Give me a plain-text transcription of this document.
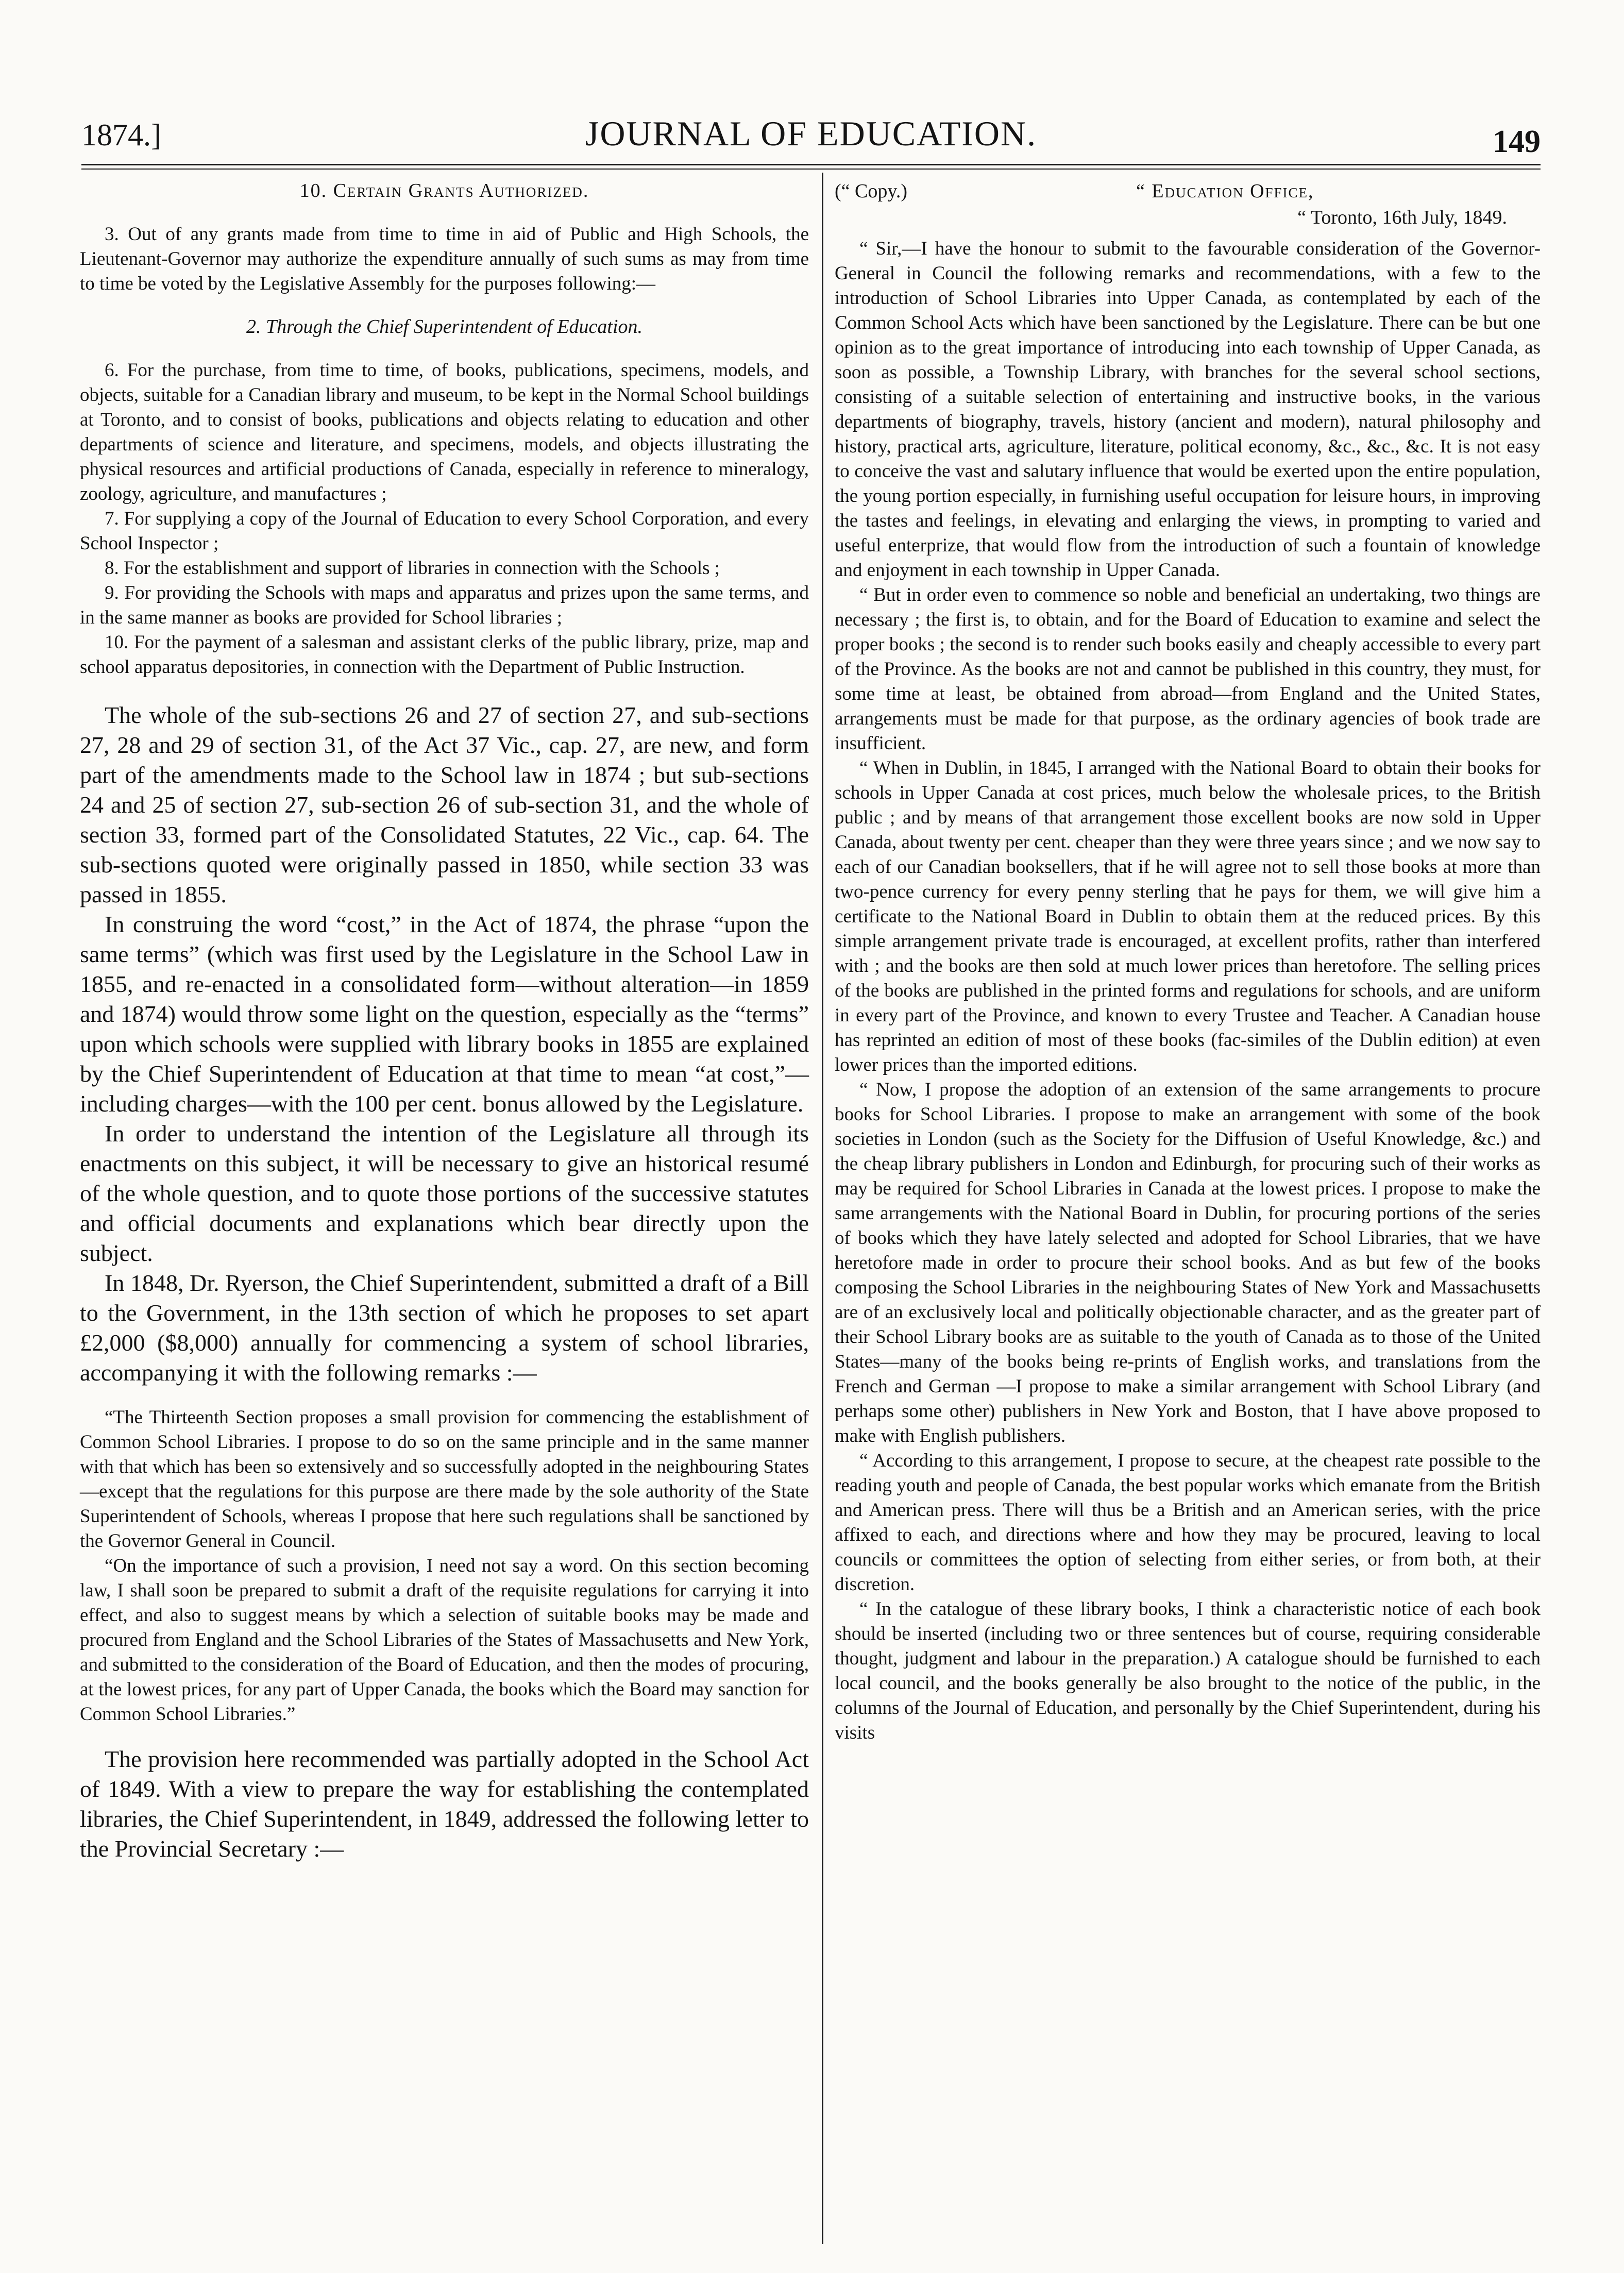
1874.]	JOURNAL OF EDUCATION.	149
10. Certain Grants Authorized.

3. Out of any grants made from time to time in aid of Public and High Schools, the Lieutenant-Governor may authorize the expenditure annually of such sums as may from time to time be voted by the Legislative Assembly for the purposes following:—

2. Through the Chief Superintendent of Education.

6. For the purchase, from time to time, of books, publications, specimens, models, and objects, suitable for a Canadian library and museum, to be kept in the Normal School buildings at Toronto, and to consist of books, publications and objects relating to education and other departments of science and literature, and specimens, models, and objects illustrating the physical resources and artificial productions of Canada, especially in reference to mineralogy, zoology, agriculture, and manufactures ;

7. For supplying a copy of the Journal of Education to every School Corporation, and every School Inspector ;

8. For the establishment and support of libraries in connection with the Schools ;

9. For providing the Schools with maps and apparatus and prizes upon the same terms, and in the same manner as books are provided for School libraries ;

10. For the payment of a salesman and assistant clerks of the public library, prize, map and school apparatus depositories, in connection with the Department of Public Instruction.

The whole of the sub-sections 26 and 27 of section 27, and sub-sections 27, 28 and 29 of section 31, of the Act 37 Vic., cap. 27, are new, and form part of the amendments made to the School law in 1874 ; but sub-sections 24 and 25 of section 27, sub-section 26 of sub-section 31, and the whole of section 33, formed part of the Consolidated Statutes, 22 Vic., cap. 64. The sub-sections quoted were originally passed in 1850, while section 33 was passed in 1855.

In construing the word “cost,” in the Act of 1874, the phrase “upon the same terms” (which was first used by the Legislature in the School Law in 1855, and re-enacted in a consolidated form—without alteration—in 1859 and 1874) would throw some light on the question, especially as the “terms” upon which schools were supplied with library books in 1855 are explained by the Chief Superintendent of Education at that time to mean “at cost,”—including charges—with the 100 per cent. bonus allowed by the Legislature.

In order to understand the intention of the Legislature all through its enactments on this subject, it will be necessary to give an historical resumé of the whole question, and to quote those portions of the successive statutes and official documents and explanations which bear directly upon the subject.

In 1848, Dr. Ryerson, the Chief Superintendent, submitted a draft of a Bill to the Government, in the 13th section of which he proposes to set apart £2,000 ($8,000) annually for commencing a system of school libraries, accompanying it with the following remarks :—

“The Thirteenth Section proposes a small provision for commencing the establishment of Common School Libraries. I propose to do so on the same principle and in the same manner with that which has been so extensively and so successfully adopted in the neighbouring States—except that the regulations for this purpose are there made by the sole authority of the State Superintendent of Schools, whereas I propose that here such regulations shall be sanctioned by the Governor General in Council.

“On the importance of such a provision, I need not say a word. On this section becoming law, I shall soon be prepared to submit a draft of the requisite regulations for carrying it into effect, and also to suggest means by which a selection of suitable books may be made and procured from England and the School Libraries of the States of Massachusetts and New York, and submitted to the consideration of the Board of Education, and then the modes of procuring, at the lowest prices, for any part of Upper Canada, the books which the Board may sanction for Common School Libraries.”

The provision here recommended was partially adopted in the School Act of 1849. With a view to prepare the way for establishing the contemplated libraries, the Chief Superintendent, in 1849, addressed the following letter to the Provincial Secretary :—

(“ Copy.)	“ Education Office,
“ Toronto, 16th July, 1849.

“ Sir,—I have the honour to submit to the favourable consideration of the Governor-General in Council the following remarks and recommendations, with a few to the introduction of School Libraries into Upper Canada, as contemplated by each of the Common School Acts which have been sanctioned by the Legislature. There can be but one opinion as to the great importance of introducing into each township of Upper Canada, as soon as possible, a Township Library, with branches for the several school sections, consisting of a suitable selection of entertaining and instructive books, in the various departments of biography, travels, history (ancient and modern), natural philosophy and history, practical arts, agriculture, literature, political economy, &c., &c., &c. It is not easy to conceive the vast and salutary influence that would be exerted upon the entire population, the young portion especially, in furnishing useful occupation for leisure hours, in improving the tastes and feelings, in elevating and enlarging the views, in prompting to varied and useful enterprize, that would flow from the introduction of such a fountain of knowledge and enjoyment in each township in Upper Canada.

“ But in order even to commence so noble and beneficial an undertaking, two things are necessary ; the first is, to obtain, and for the Board of Education to examine and select the proper books ; the second is to render such books easily and cheaply accessible to every part of the Province. As the books are not and cannot be published in this country, they must, for some time at least, be obtained from abroad—from England and the United States, arrangements must be made for that purpose, as the ordinary agencies of book trade are insufficient.

“ When in Dublin, in 1845, I arranged with the National Board to obtain their books for schools in Upper Canada at cost prices, much below the wholesale prices, to the British public ; and by means of that arrangement those excellent books are now sold in Upper Canada, about twenty per cent. cheaper than they were three years since ; and we now say to each of our Canadian booksellers, that if he will agree not to sell those books at more than two-pence currency for every penny sterling that he pays for them, we will give him a certificate to the National Board in Dublin to obtain them at the reduced prices. By this simple arrangement private trade is encouraged, at excellent profits, rather than interfered with ; and the books are then sold at much lower prices than heretofore. The selling prices of the books are published in the printed forms and regulations for schools, and are uniform in every part of the Province, and known to every Trustee and Teacher. A Canadian house has reprinted an edition of most of these books (fac-similes of the Dublin edition) at even lower prices than the imported editions.

“ Now, I propose the adoption of an extension of the same arrangements to procure books for School Libraries. I propose to make an arrangement with some of the book societies in London (such as the Society for the Diffusion of Useful Knowledge, &c.) and the cheap library publishers in London and Edinburgh, for procuring such of their works as may be required for School Libraries in Canada at the lowest prices. I propose to make the same arrangements with the National Board in Dublin, for procuring portions of the series of books which they have lately selected and adopted for School Libraries, that we have heretofore made in order to procure their school books. And as but few of the books composing the School Libraries in the neighbouring States of New York and Massachusetts are of an exclusively local and politically objectionable character, and as the greater part of their School Library books are as suitable to the youth of Canada as to those of the United States—many of the books being re-prints of English works, and translations from the French and German —I propose to make a similar arrangement with School Library (and perhaps some other) publishers in New York and Boston, that I have above proposed to make with English publishers.

“ According to this arrangement, I propose to secure, at the cheapest rate possible to the reading youth and people of Canada, the best popular works which emanate from the British and American press. There will thus be a British and an American series, with the price affixed to each, and directions where and how they may be procured, leaving to local councils or committees the option of selecting from either series, or from both, at their discretion.

“ In the catalogue of these library books, I think a characteristic notice of each book should be inserted (including two or three sentences but of course, requiring considerable thought, judgment and labour in the preparation.) A catalogue should be furnished to each local council, and the books generally be also brought to the notice of the public, in the columns of the Journal of Education, and personally by the Chief Superintendent, during his visits
